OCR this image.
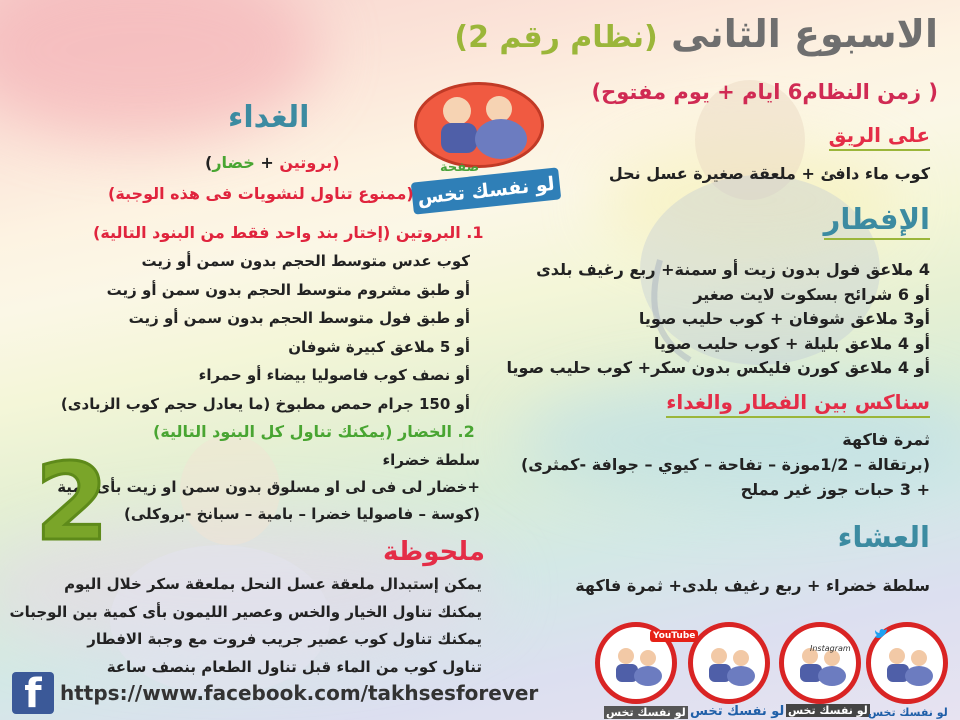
الاسبوع الثانى (نظام رقم 2)
( زمن النظام6 ايام + يوم مفتوح)
صفحة
لو نفسك تخس
الغداء
(بروتين + خضار)
(ممنوع تناول لنشويات فى هذه الوجبة)
1. البروتين (إختار بند واحد فقط من البنود التالية)
كوب عدس متوسط الحجم بدون سمن أو زيت
أو طبق مشروم متوسط الحجم بدون سمن أو زيت
أو طبق فول متوسط الحجم بدون سمن أو زيت
أو 5 ملاعق كبيرة شوفان
أو نصف كوب فاصوليا بيضاء أو حمراء
أو 150 جرام حمص مطبوخ (ما يعادل حجم كوب الزبادى)
2. الخضار (يمكنك تناول كل البنود التالية)
سلطة خضراء
+خضار لى فى لى او مسلوق بدون سمن او زيت بأى كمية
(كوسة – فاصوليا خضرا – بامية – سبانخ -بروكلى)
2	ملحوظة
يمكن إستبدال ملعقة عسل النحل بملعقة سكر خلال اليوم
يمكنك تناول الخيار والخس وعصير الليمون بأى كمية بين الوجبات
يمكنك تناول كوب عصير جريب فروت مع وجبة الافطار
تناول كوب من الماء قبل تناول الطعام بنصف ساعة
على الريق
كوب ماء دافئ + ملعقة صغيرة عسل نحل
الإفطار
4 ملاعق فول بدون زيت أو سمنة+ ربع رغيف بلدى
أو 6 شرائح بسكوت لايت صغير
أو3 ملاعق شوفان + كوب حليب صويا
أو 4 ملاعق بليلة + كوب حليب صويا
أو 4 ملاعق كورن فليكس بدون سكر+ كوب حليب صويا
سناكس بين الفطار والغداء
ثمرة فاكهة
(برتقالة – 1/2موزة – تفاحة – كيوي – جوافة -كمثرى)
+ 3 حبات جوز غير مملح
العشاء
سلطة خضراء + ربع رغيف بلدى+ ثمرة فاكهة
f https://www.facebook.com/takhsesforever
YouTube
لو نفسك تخس لو نفسك تخس
Instagram
لو نفسك تخس لو نفسك تخس
